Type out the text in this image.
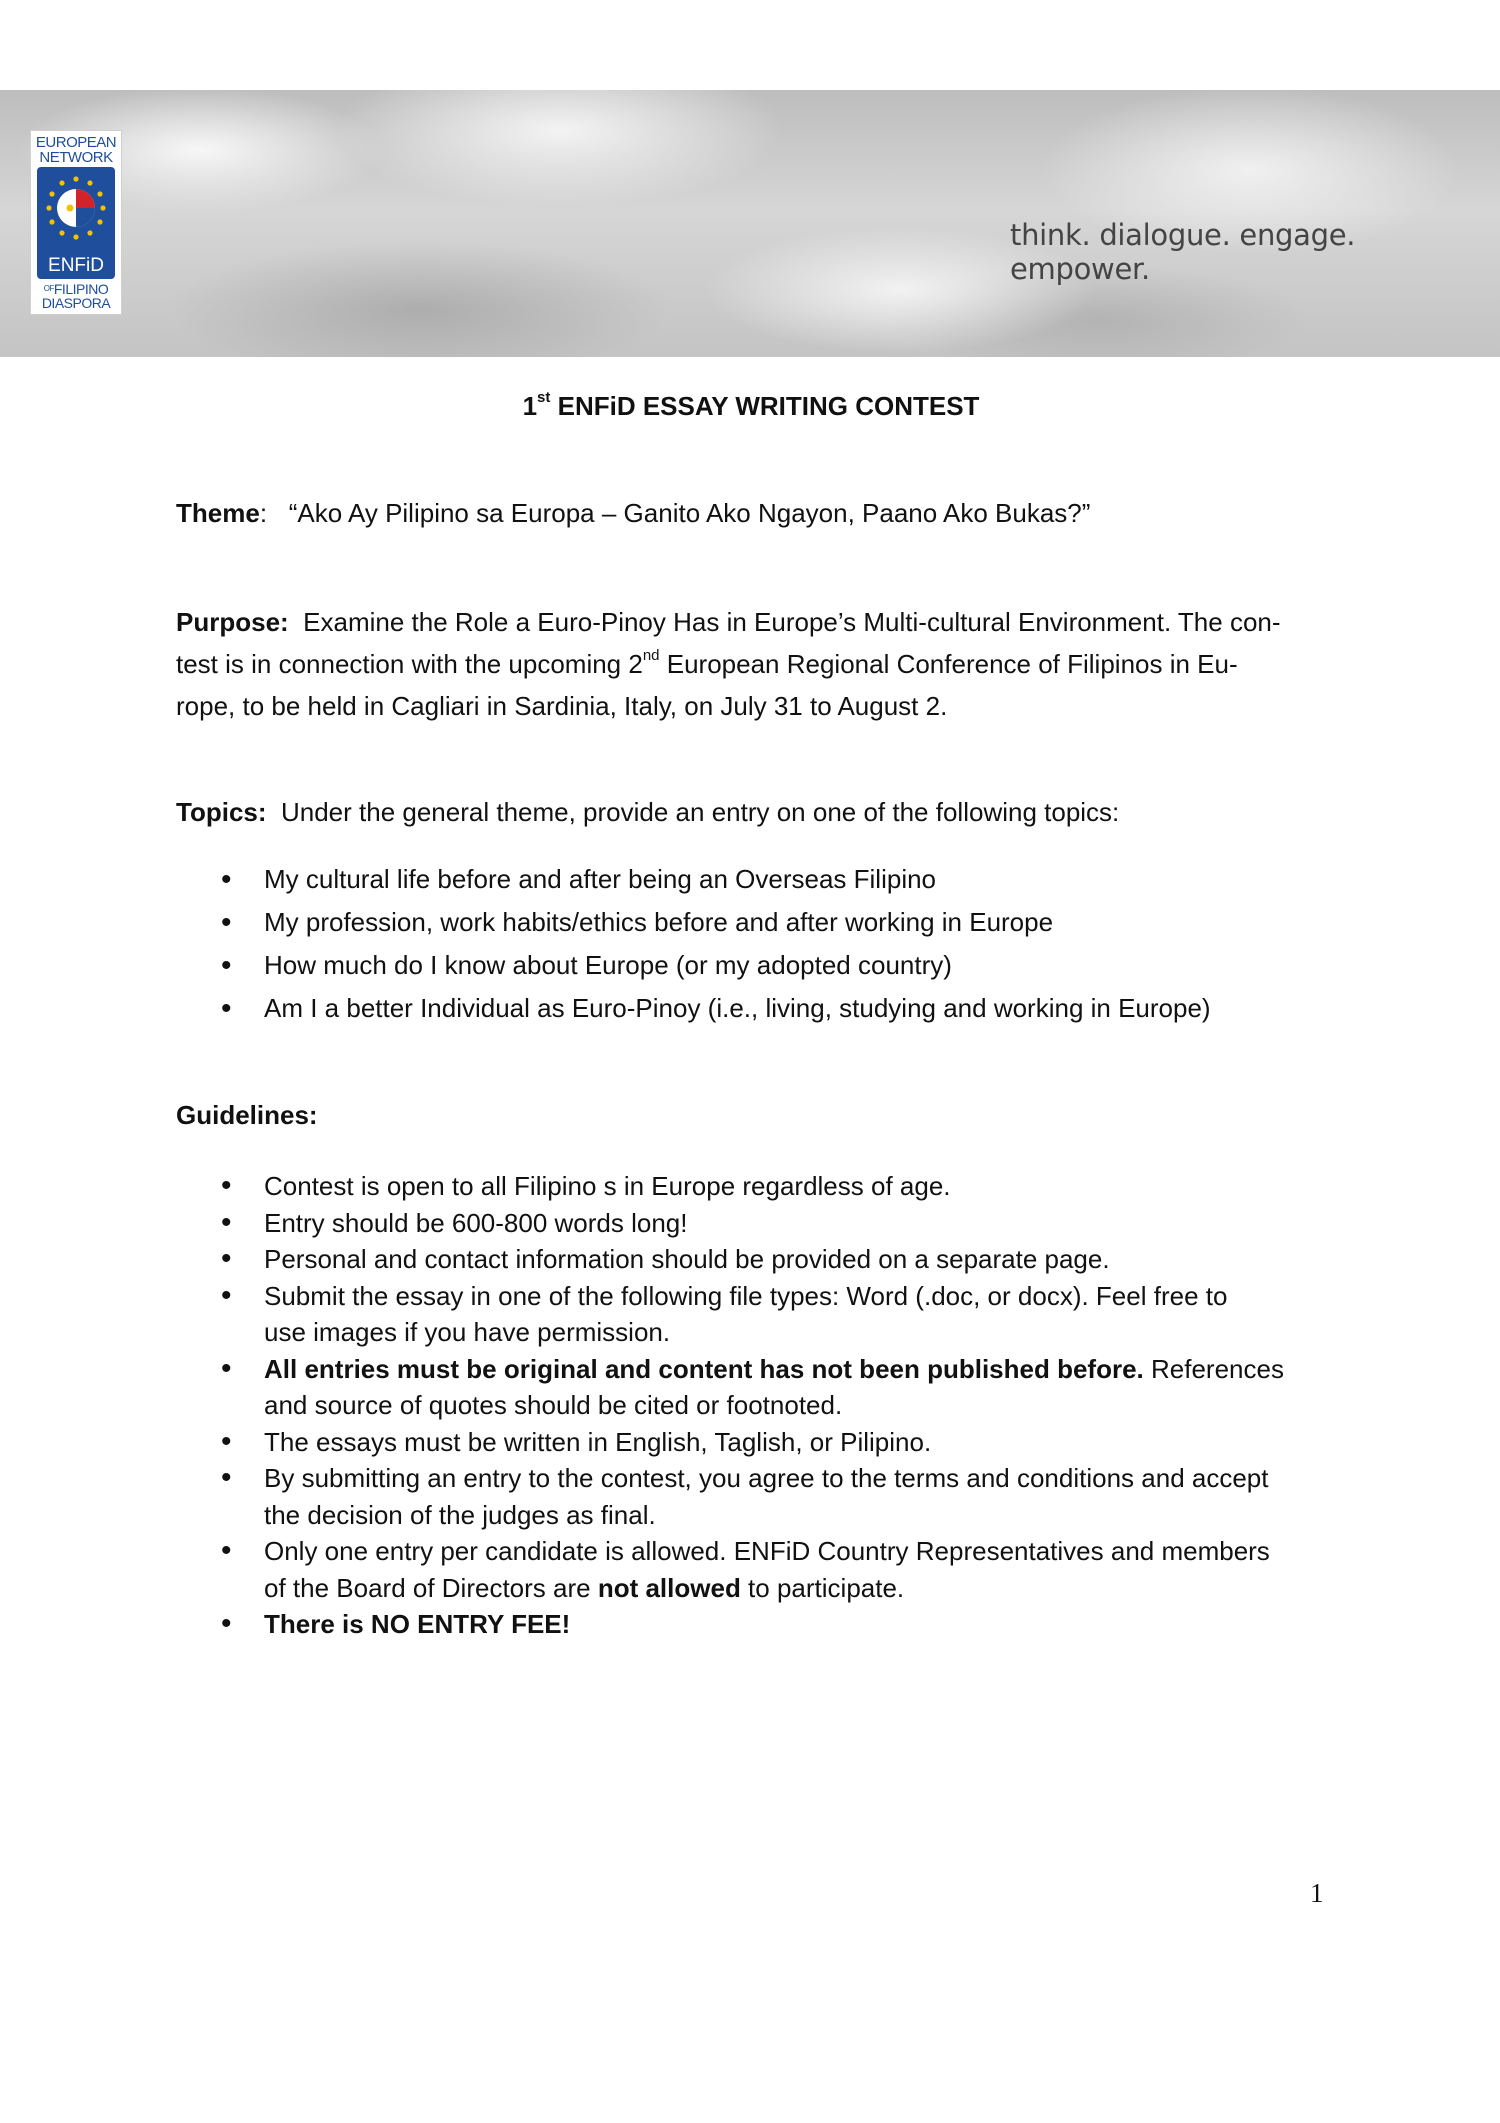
EUROPEAN NETWORK
ENFiD
$^{OF}$FILIPINO
DIASPORA
think. dialogue. engage. empower.
1st ENFiD ESSAY WRITING CONTEST
Theme:   “Ako Ay Pilipino sa Europa – Ganito Ako Ngayon, Paano Ako Bukas?”
Purpose: Examine the Role a Euro-Pinoy Has in Europe’s Multi-cultural Environment. The con-
test is in connection with the upcoming 2nd European Regional Conference of Filipinos in Eu-
rope, to be held in Cagliari in Sardinia, Italy, on July 31 to August 2.
Topics: Under the general theme, provide an entry on one of the following topics:
• My cultural life before and after being an Overseas Filipino
• My profession, work habits/ethics before and after working in Europe
• How much do I know about Europe (or my adopted country)
• Am I a better Individual as Euro-Pinoy (i.e., living, studying and working in Europe)
Guidelines:
• Contest is open to all Filipino s in Europe regardless of age.
• Entry should be 600-800 words long!
• Personal and contact information should be provided on a separate page.
• Submit the essay in one of the following file types: Word (.doc, or docx). Feel free to
use images if you have permission.
• All entries must be original and content has not been published before. References
and source of quotes should be cited or footnoted.
• The essays must be written in English, Taglish, or Pilipino.
• By submitting an entry to the contest, you agree to the terms and conditions and accept
the decision of the judges as final.
• Only one entry per candidate is allowed. ENFiD Country Representatives and members
of the Board of Directors are not allowed to participate.
• There is NO ENTRY FEE!
1
